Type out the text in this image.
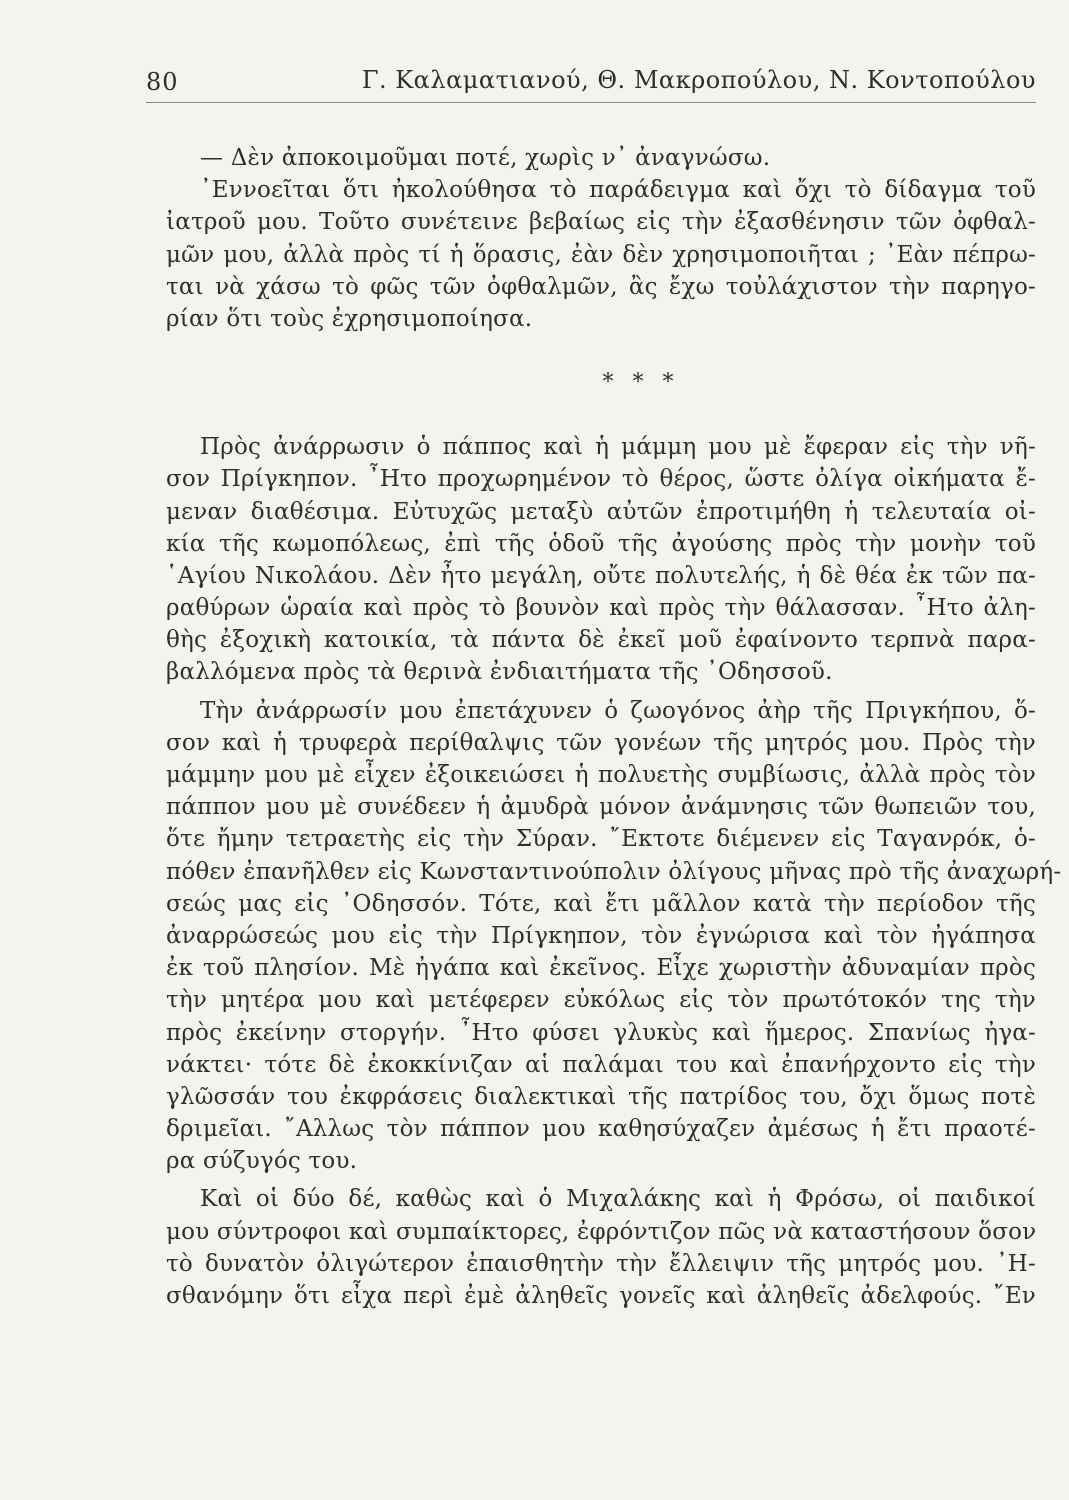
80	Γ. Καλαματιανού, Θ. Μακροπούλου, Ν. Κοντοπούλου
— Δὲν ἀποκοιμοῦμαι ποτέ, χωρὶς ν᾽ ἀναγνώσω.
᾽Εννοεῖται ὅτι ἠκολούθησα τὸ παράδειγμα καὶ ὄχι τὸ δίδαγμα τοῦ
ἰατροῦ μου. Τοῦτο συνέτεινε βεβαίως εἰς τὴν ἐξασθένησιν τῶν ὀφθαλ-
μῶν μου, ἀλλὰ πρὸς τί ἡ ὅρασις, ἐὰν δὲν χρησιμοποιῆται ; ᾽Εὰν πέπρω-
ται νὰ χάσω τὸ φῶς τῶν ὀφθαλμῶν, ἂς ἔχω τοὐλάχιστον τὴν παρηγο-
ρίαν ὅτι τοὺς ἐχρησιμοποίησα.
* * *
Πρὸς ἀνάρρωσιν ὁ πάππος καὶ ἡ μάμμη μου μὲ ἔφεραν εἰς τὴν νῆ-
σον Πρίγκηπον. ῏Ητο προχωρημένον τὸ θέρος, ὥστε ὀλίγα οἰκήματα ἔ-
μεναν διαθέσιμα. Εὐτυχῶς μεταξὺ αὐτῶν ἐπροτιμήθη ἡ τελευταία οἰ-
κία τῆς κωμοπόλεως, ἐπὶ τῆς ὁδοῦ τῆς ἀγούσης πρὸς τὴν μονὴν τοῦ
῾Αγίου Νικολάου. Δὲν ἦτο μεγάλη, οὔτε πολυτελής, ἡ δὲ θέα ἐκ τῶν πα-
ραθύρων ὡραία καὶ πρὸς τὸ βουνὸν καὶ πρὸς τὴν θάλασσαν. ῏Ητο ἀλη-
θὴς ἐξοχικὴ κατοικία, τὰ πάντα δὲ ἐκεῖ μοῦ ἐφαίνοντο τερπνὰ παρα-
βαλλόμενα πρὸς τὰ θερινὰ ἐνδιαιτήματα τῆς ᾽Οδησσοῦ.
Τὴν ἀνάρρωσίν μου ἐπετάχυνεν ὁ ζωογόνος ἀὴρ τῆς Πριγκήπου, ὅ-
σον καὶ ἡ τρυφερὰ περίθαλψις τῶν γονέων τῆς μητρός μου. Πρὸς τὴν
μάμμην μου μὲ εἶχεν ἐξοικειώσει ἡ πολυετὴς συμβίωσις, ἀλλὰ πρὸς τὸν
πάππον μου μὲ συνέδεεν ἡ ἀμυδρὰ μόνον ἀνάμνησις τῶν θωπειῶν του,
ὅτε ἤμην τετραετὴς εἰς τὴν Σύραν. ῎Εκτοτε διέμενεν εἰς Ταγανρόκ, ὁ-
πόθεν ἐπανῆλθεν εἰς Κωνσταντινούπολιν ὀλίγους μῆνας πρὸ τῆς ἀναχωρή-
σεώς μας εἰς ᾽Οδησσόν. Τότε, καὶ ἔτι μᾶλλον κατὰ τὴν περίοδον τῆς
ἀναρρώσεώς μου εἰς τὴν Πρίγκηπον, τὸν ἐγνώρισα καὶ τὸν ἠγάπησα
ἐκ τοῦ πλησίον. Μὲ ἠγάπα καὶ ἐκεῖνος. Εἶχε χωριστὴν ἀδυναμίαν πρὸς
τὴν μητέρα μου καὶ μετέφερεν εὐκόλως εἰς τὸν πρωτότοκόν της τὴν
πρὸς ἐκείνην στοργήν. ῏Ητο φύσει γλυκὺς καὶ ἥμερος. Σπανίως ἠγα-
νάκτει· τότε δὲ ἐκοκκίνιζαν αἱ παλάμαι του καὶ ἐπανήρχοντο εἰς τὴν
γλῶσσάν του ἐκφράσεις διαλεκτικαὶ τῆς πατρίδος του, ὄχι ὅμως ποτὲ
δριμεῖαι. ῎Αλλως τὸν πάππον μου καθησύχαζεν ἀμέσως ἡ ἔτι πραοτέ-
ρα σύζυγός του.
Καὶ οἱ δύο δέ, καθὼς καὶ ὁ Μιχαλάκης καὶ ἡ Φρόσω, οἱ παιδικοί
μου σύντροφοι καὶ συμπαίκτορες, ἐφρόντιζον πῶς νὰ καταστήσουν ὅσον
τὸ δυνατὸν ὀλιγώτερον ἐπαισθητὴν τὴν ἔλλειψιν τῆς μητρός μου. ᾽Η-
σθανόμην ὅτι εἶχα περὶ ἐμὲ ἀληθεῖς γονεῖς καὶ ἀληθεῖς ἀδελφούς. ῎Εν
